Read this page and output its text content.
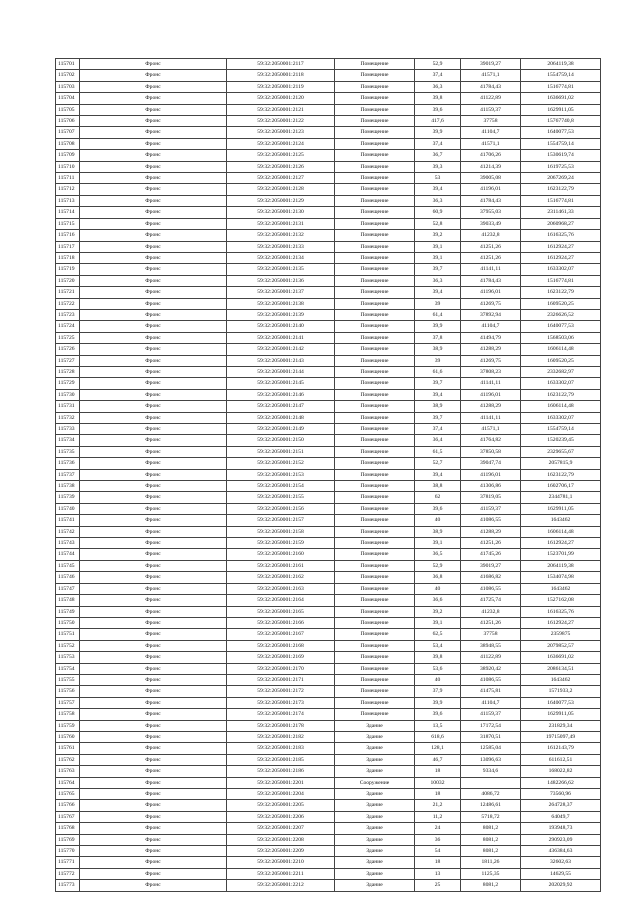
115701	Фронс	59:32:2050001:2117	Помещение	52,9	39019,27	2064119,38
115702	Фронс	59:32:2050001:2118	Помещение	37,4	41571,1	1554759,14
115703	Фронс	59:32:2050001:2119	Помещение	36,3	41784,43	1516774,81
115704	Фронс	59:32:2050001:2120	Помещение	39,8	41122,89	1636691,02
115705	Фронс	59:32:2050001:2121	Помещение	39,6	41159,37	1629911,05
115706	Фронс	59:32:2050001:2122	Помещение	417,6	37758	15767740,8
115707	Фронс	59:32:2050001:2123	Помещение	39,9	41104,7	1640077,53
115708	Фронс	59:32:2050001:2124	Помещение	37,4	41571,1	1554759,14
115709	Фронс	59:32:2050001:2125	Помещение	36,7	41706,26	1530619,74
115710	Фронс	59:32:2050001:2126	Помещение	39,3	41214,39	1619725,53
115711	Фронс	59:32:2050001:2127	Помещение	53	39005,08	2067269,24
115712	Фронс	59:32:2050001:2128	Помещение	39,4	41196,01	1623122,79
115713	Фронс	59:32:2050001:2129	Помещение	36,3	41784,43	1516774,81
115714	Фронс	59:32:2050001:2130	Помещение	60,9	37955,03	2311461,33
115715	Фронс	59:32:2050001:2131	Помещение	52,8	39033,49	2060968,27
115716	Фронс	59:32:2050001:2132	Помещение	39,2	41232,8	1616325,76
115717	Фронс	59:32:2050001:2133	Помещение	39,1	41251,26	1612924,27
115718	Фронс	59:32:2050001:2134	Помещение	39,1	41251,26	1612924,27
115719	Фронс	59:32:2050001:2135	Помещение	39,7	41141,11	1633302,07
115720	Фронс	59:32:2050001:2136	Помещение	36,3	41784,43	1516774,81
115721	Фронс	59:32:2050001:2137	Помещение	39,4	41196,01	1623122,79
115722	Фронс	59:32:2050001:2138	Помещение	39	41269,75	1609520,25
115723	Фронс	59:32:2050001:2139	Помещение	61,4	37892,94	2326626,52
115724	Фронс	59:32:2050001:2140	Помещение	39,9	41104,7	1640077,53
115725	Фронс	59:32:2050001:2141	Помещение	37,8	41494,79	1568503,06
115726	Фронс	59:32:2050001:2142	Помещение	38,9	41288,29	1606114,48
115727	Фронс	59:32:2050001:2143	Помещение	39	41269,75	1609520,25
115728	Фронс	59:32:2050001:2144	Помещение	61,6	37808,23	2332682,97
115729	Фронс	59:32:2050001:2145	Помещение	39,7	41141,11	1633302,07
115730	Фронс	59:32:2050001:2146	Помещение	39,4	41196,01	1623122,79
115731	Фронс	59:32:2050001:2147	Помещение	38,9	41288,29	1606114,48
115732	Фронс	59:32:2050001:2148	Помещение	39,7	41141,11	1633302,07
115733	Фронс	59:32:2050001:2149	Помещение	37,4	41571,1	1554759,14
115734	Фронс	59:32:2050001:2150	Помещение	36,4	41764,82	1520239,45
115735	Фронс	59:32:2050001:2151	Помещение	61,5	37850,58	2329655,67
115736	Фронс	59:32:2050001:2152	Помещение	52,7	39047,74	2057815,9
115737	Фронс	59:32:2050001:2153	Помещение	39,4	41196,01	1623122,79
115738	Фронс	59:32:2050001:2154	Помещение	38,8	41306,86	1602706,17
115739	Фронс	59:32:2050001:2155	Помещение	62	37819,05	2344781,1
115740	Фронс	59:32:2050001:2156	Помещение	39,6	41159,37	1629911,05
115741	Фронс	59:32:2050001:2157	Помещение	40	41086,55	1643462
115742	Фронс	59:32:2050001:2158	Помещение	38,9	41288,29	1606114,48
115743	Фронс	59:32:2050001:2159	Помещение	39,1	41251,26	1612924,27
115744	Фронс	59:32:2050001:2160	Помещение	36,5	41745,26	1523701,99
115745	Фронс	59:32:2050001:2161	Помещение	52,9	39019,27	2064119,38
115746	Фронс	59:32:2050001:2162	Помещение	36,8	41686,82	1534074,98
115747	Фронс	59:32:2050001:2163	Помещение	40	41086,55	1643462
115748	Фронс	59:32:2050001:2164	Помещение	36,6	41725,74	1527162,08
115749	Фронс	59:32:2050001:2165	Помещение	39,2	41232,8	1616325,76
115750	Фронс	59:32:2050001:2166	Помещение	39,1	41251,26	1612924,27
115751	Фронс	59:32:2050001:2167	Помещение	62,5	37758	2359875
115752	Фронс	59:32:2050001:2168	Помещение	53,4	38948,55	2079852,57
115753	Фронс	59:32:2050001:2169	Помещение	39,8	41122,89	1636691,02
115754	Фронс	59:32:2050001:2170	Помещение	53,6	38920,42	2086134,51
115755	Фронс	59:32:2050001:2171	Помещение	40	41086,55	1643462
115756	Фронс	59:32:2050001:2172	Помещение	37,9	41475,81	1571933,2
115757	Фронс	59:32:2050001:2173	Помещение	39,9	41104,7	1640077,53
115758	Фронс	59:32:2050001:2174	Помещение	39,6	41159,37	1629911,05
115759	Фронс	59:32:2050001:2178	Здание	13,5	17172,54	231829,34
115760	Фронс	59:32:2050001:2182	Здание	618,6	31870,51	19715097,49
115761	Фронс	59:32:2050001:2183	Здание	128,1	12585,04	1612143,79
115762	Фронс	59:32:2050001:2185	Здание	46,7	13096,63	611612,51
115763	Фронс	59:32:2050001:2186	Здание	18	9334,6	168022,82
115764	Фронс	59:32:2050001:2201	Сооружение	10032		1482266,62
115765	Фронс	59:32:2050001:2204	Здание	18	4086,72	73560,96
115766	Фронс	59:32:2050001:2205	Здание	21,2	12486,61	264728,37
115767	Фронс	59:32:2050001:2206	Здание	11,2	5718,72	64049,7
115768	Фронс	59:32:2050001:2207	Здание	24	8081,2	193948,73
115769	Фронс	59:32:2050001:2208	Здание	36	8081,2	290923,09
115770	Фронс	59:32:2050001:2209	Здание	54	8081,2	436384,63
115771	Фронс	59:32:2050001:2210	Здание	18	1811,26	32602,63
115772	Фронс	59:32:2050001:2211	Здание	13	1125,35	14629,55
115773	Фронс	59:32:2050001:2212	Здание	25	8081,2	202029,92
